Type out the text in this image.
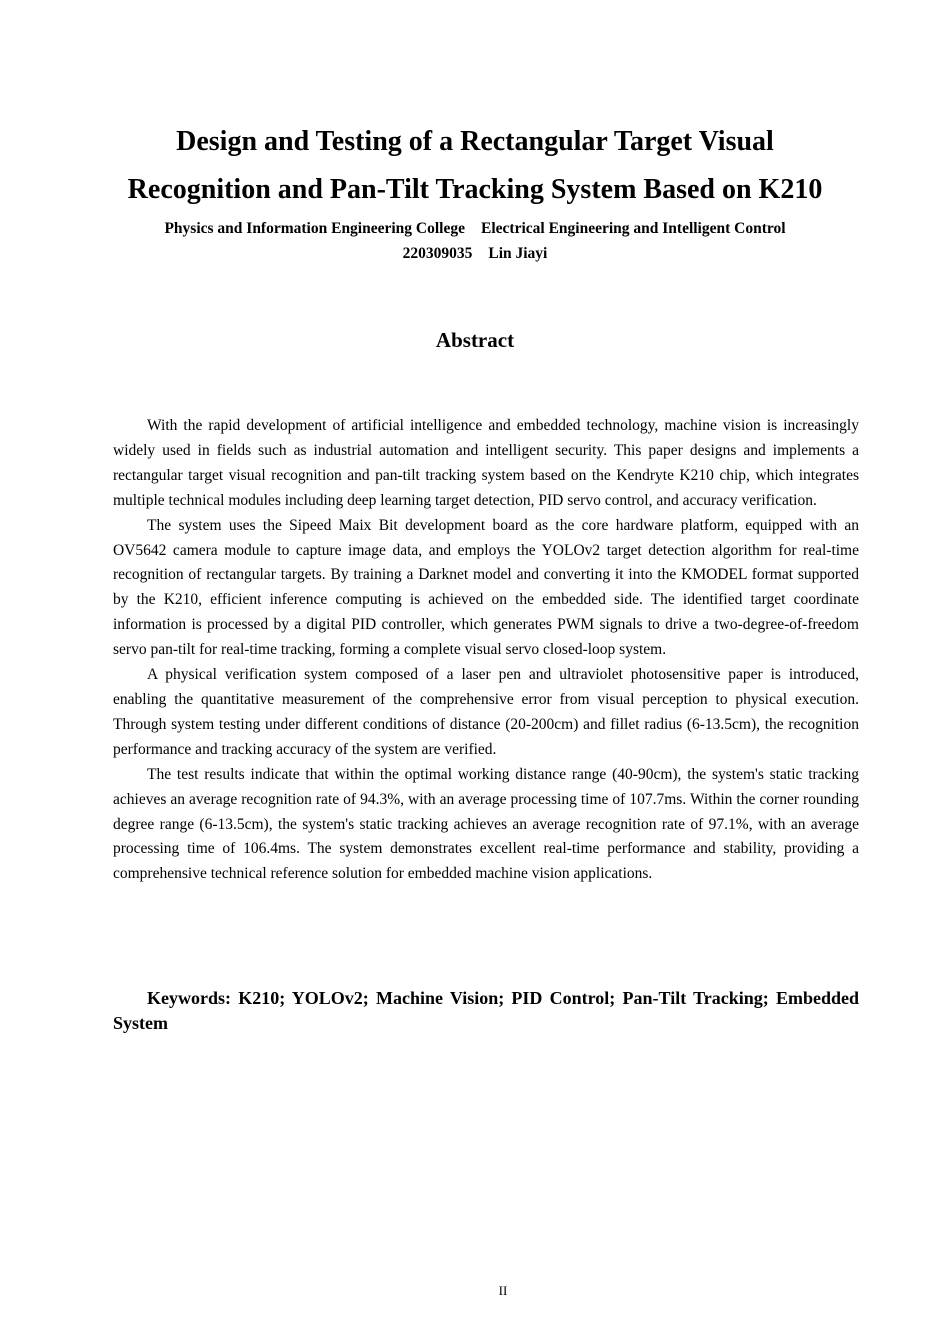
Design and Testing of a Rectangular Target Visual
Recognition and Pan-Tilt Tracking System Based on K210
Physics and Information Engineering College Electrical Engineering and Intelligent Control
220309035 Lin Jiayi
Abstract

With the rapid development of artificial intelligence and embedded technology, machine vision is increasingly widely used in fields such as industrial automation and intelligent security. This paper designs and implements a rectangular target visual recognition and pan-tilt tracking system based on the Kendryte K210 chip, which integrates multiple technical modules including deep learning target detection, PID servo control, and accuracy verification.

The system uses the Sipeed Maix Bit development board as the core hardware platform, equipped with an OV5642 camera module to capture image data, and employs the YOLOv2 target detection algorithm for real-time recognition of rectangular targets. By training a Darknet model and converting it into the KMODEL format supported by the K210, efficient inference computing is achieved on the embedded side. The identified target coordinate information is processed by a digital PID controller, which generates PWM signals to drive a two-degree-of-freedom servo pan-tilt for real-time tracking, forming a complete visual servo closed-loop system.

A physical verification system composed of a laser pen and ultraviolet photosensitive paper is introduced, enabling the quantitative measurement of the comprehensive error from visual perception to physical execution. Through system testing under different conditions of distance (20-200cm) and fillet radius (6-13.5cm), the recognition performance and tracking accuracy of the system are verified.

The test results indicate that within the optimal working distance range (40-90cm), the system's static tracking achieves an average recognition rate of 94.3%, with an average processing time of 107.7ms. Within the corner rounding degree range (6-13.5cm), the system's static tracking achieves an average recognition rate of 97.1%, with an average processing time of 106.4ms. The system demonstrates excellent real-time performance and stability, providing a comprehensive technical reference solution for embedded machine vision applications.

Keywords: K210; YOLOv2; Machine Vision; PID Control; Pan-Tilt Tracking; Embedded System

II
